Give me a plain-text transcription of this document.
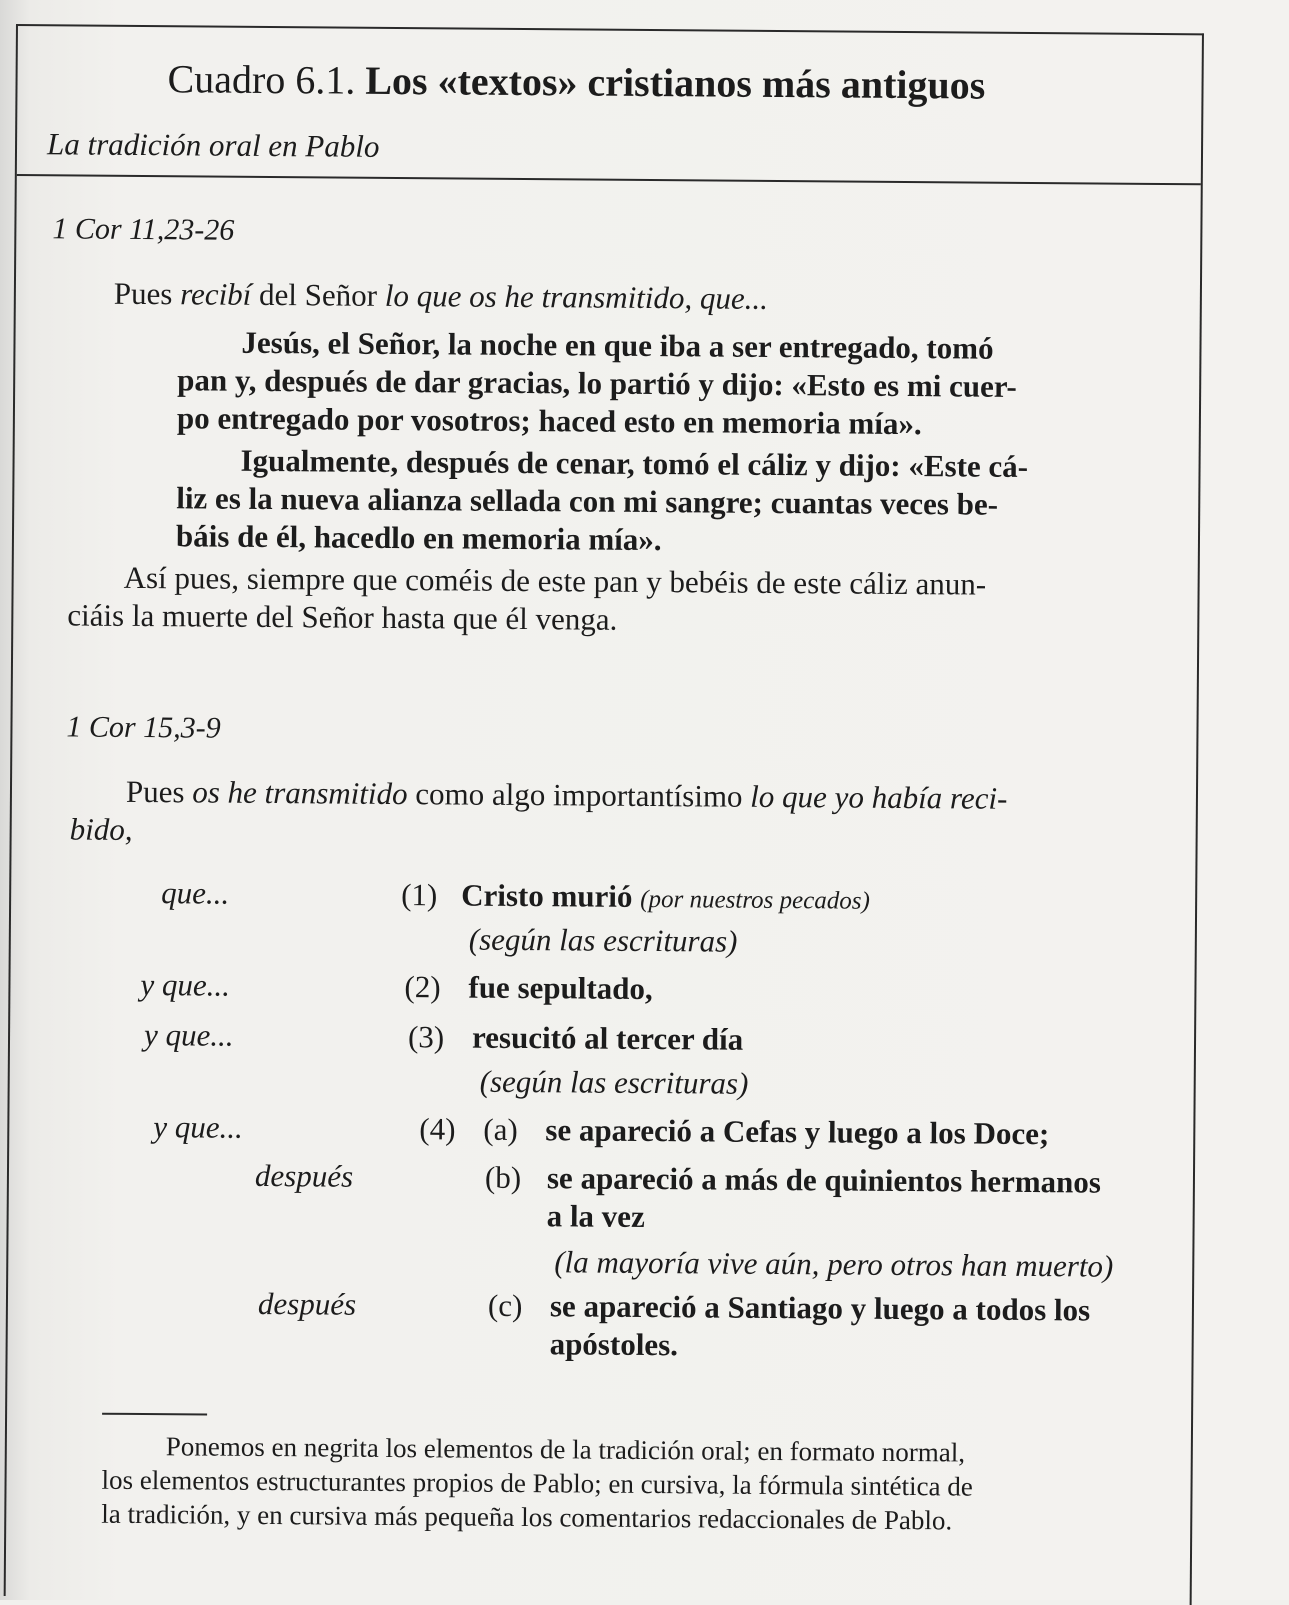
Cuadro 6.1. Los «textos» cristianos más antiguos
La tradición oral en Pablo
1 Cor 11,23-26
Pues recibí del Señor lo que os he transmitido, que...
Jesús, el Señor, la noche en que iba a ser entregado, tomó
pan y, después de dar gracias, lo partió y dijo: «Esto es mi cuer-
po entregado por vosotros; haced esto en memoria mía».
Igualmente, después de cenar, tomó el cáliz y dijo: «Este cá-
liz es la nueva alianza sellada con mi sangre; cuantas veces be-
báis de él, hacedlo en memoria mía».
Así pues, siempre que coméis de este pan y bebéis de este cáliz anun-
ciáis la muerte del Señor hasta que él venga.
1 Cor 15,3-9
Pues os he transmitido como algo importantísimo lo que yo había reci-
bido,
que...	(1) Cristo murió (por nuestros pecados)
(según las escrituras)
y que...	(2) fue sepultado,
y que...	(3) resucitó al tercer día
(según las escrituras)
y que...	(4) (a) se apareció a Cefas y luego a los Doce;
después	(b) se apareció a más de quinientos hermanos
a la vez
(la mayoría vive aún, pero otros han muerto)
después	(c) se apareció a Santiago y luego a todos los
apóstoles.
Ponemos en negrita los elementos de la tradición oral; en formato normal,
los elementos estructurantes propios de Pablo; en cursiva, la fórmula sintética de
la tradición, y en cursiva más pequeña los comentarios redaccionales de Pablo.
